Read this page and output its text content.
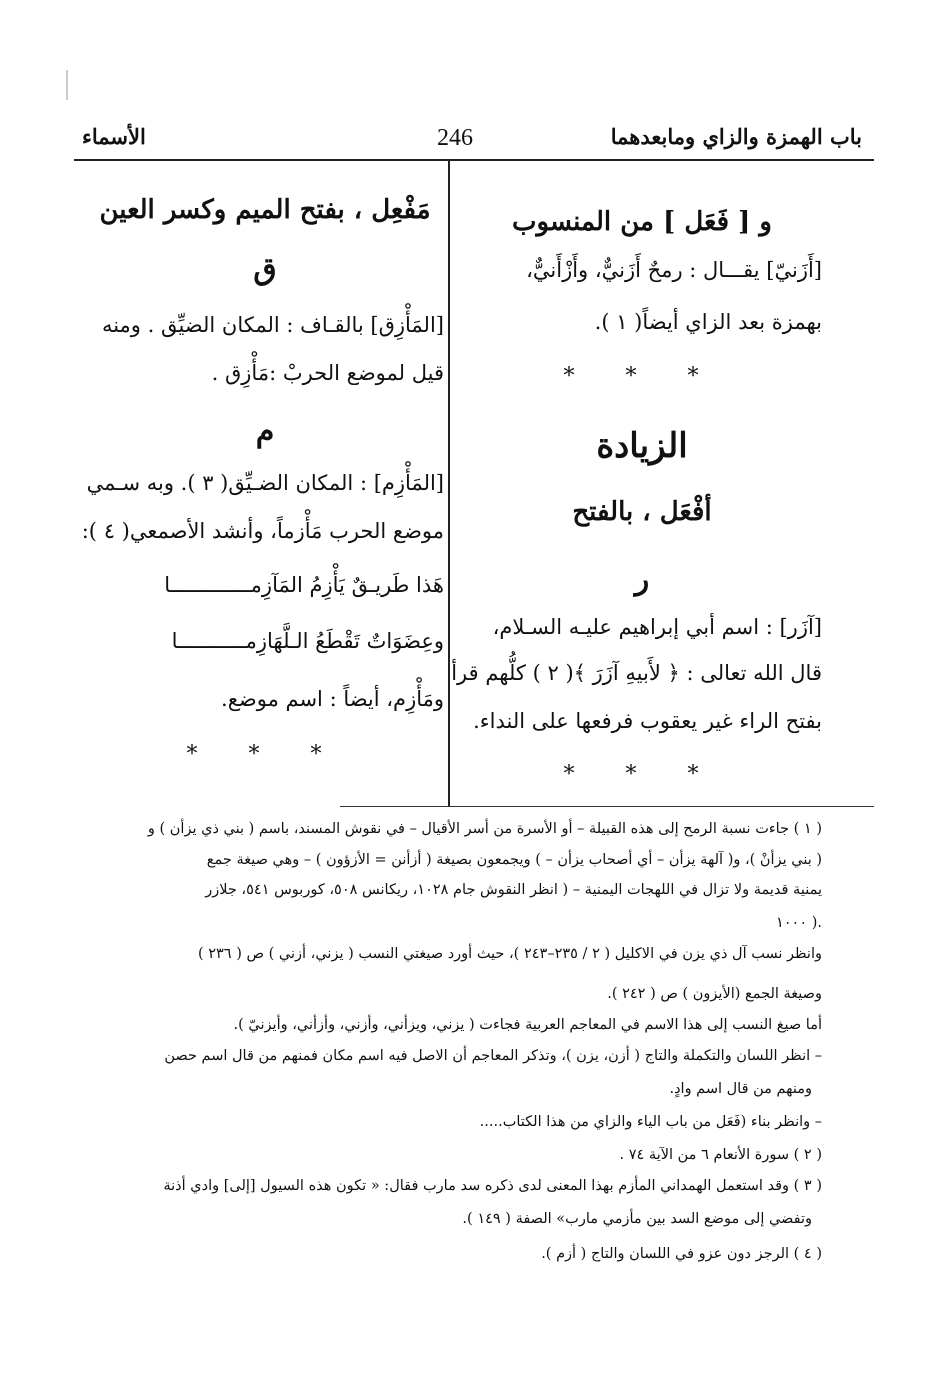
باب الهمزة والزاي ومابعدهما
246
الأسماء
و [ فَعَل ] من المنسوب
[أَزَنيّ] يقـــال : رمحٌ أَزَنيٌّ، وأَزْأَنيٌّ،
بهمزة بعد الزاي أيضاً( ١ ).
* * *
الزيادة
أفْعَل ، بالفتح
ر
[آزَر] : اسم أبي إبراهيم عليـه السـلام،
قال الله تعالى : ﴿ لأَبيهِ آزَرَ ﴾( ٢ ) كلُّهم قرأ
بفتح الراء غير يعقوب فرفعها على النداء.
* * *
مَفْعِل ، بفتح الميم وكسر العين
ق
[المَأْزِق] بالقـاف : المكان الضيِّق . ومنه
قيل لموضع الحربْ :مَأْزِق .
م
[المَأْزِم] : المكان الضـيِّق( ٣ ). وبه سـمي
موضع الحرب مَأْزماً، وأنشد الأصمعي( ٤ ):
هَذا طَريـقٌ يَأْزِمُ المَآزِمـــــــــــــا
وعِضَوَاتٌ تَقْطَعُ الـلَّهَازِمـــــــــــا
ومَأْزِم، أيضاً : اسم موضع.
* * *
( ١ ) جاءت نسبة الرمح إلى هذه القبيلة – أو الأسرة من أسر الأقيال – في نقوش المسند، باسم ( بني ذي يزأن ) و
( بني يزأنْ )، و( آلهة يزأن – أي أصحاب يزأن – ) ويجمعون بصيغة ( أزأنن = الأزؤون ) – وهي صيغة جمع
يمنية قديمة ولا تزال في اللهجات اليمنية – ( انظر النقوش جام ١٠٢٨، ريكانس ٥٠٨، كوربوس ٥٤١، جلازر
١٠٠٠ ).
وانظر نسب آل ذي يزن في الاكليل ( ٢ / ٢٣٥–٢٤٣ )، حيث أورد صيغتي النسب ( يزني، أزني ) ص ( ٢٣٦ )
وصيغة الجمع (الأيزون ) ص ( ٢٤٢ ).
أما صيغ النسب إلى هذا الاسم في المعاجم العربية فجاءت ( يزني، ويزأني، وأزني، وأزأني، وأيزنيّ ).
– انظر اللسان والتكملة والتاج ( أزن، يزن )، وتذكر المعاجم أن الاصل فيه اسم مكان فمنهم من قال اسم حصن
ومنهم من قال اسم وادٍ.
– وانظر بناء (فَعَل من باب الياء والزاي من هذا الكتاب.....
( ٢ ) سورة الأنعام ٦ من الآية ٧٤ .
( ٣ ) وقد استعمل الهمداني المأزم بهذا المعنى لدى ذكره سد مارب فقال: « تكون هذه السيول [إلى] وادي أذنة
وتفضي إلى موضع السد بين مأزمي مارب» الصفة ( ١٤٩ ).
( ٤ ) الرجز دون عزو في اللسان والتاج ( أزم ).
